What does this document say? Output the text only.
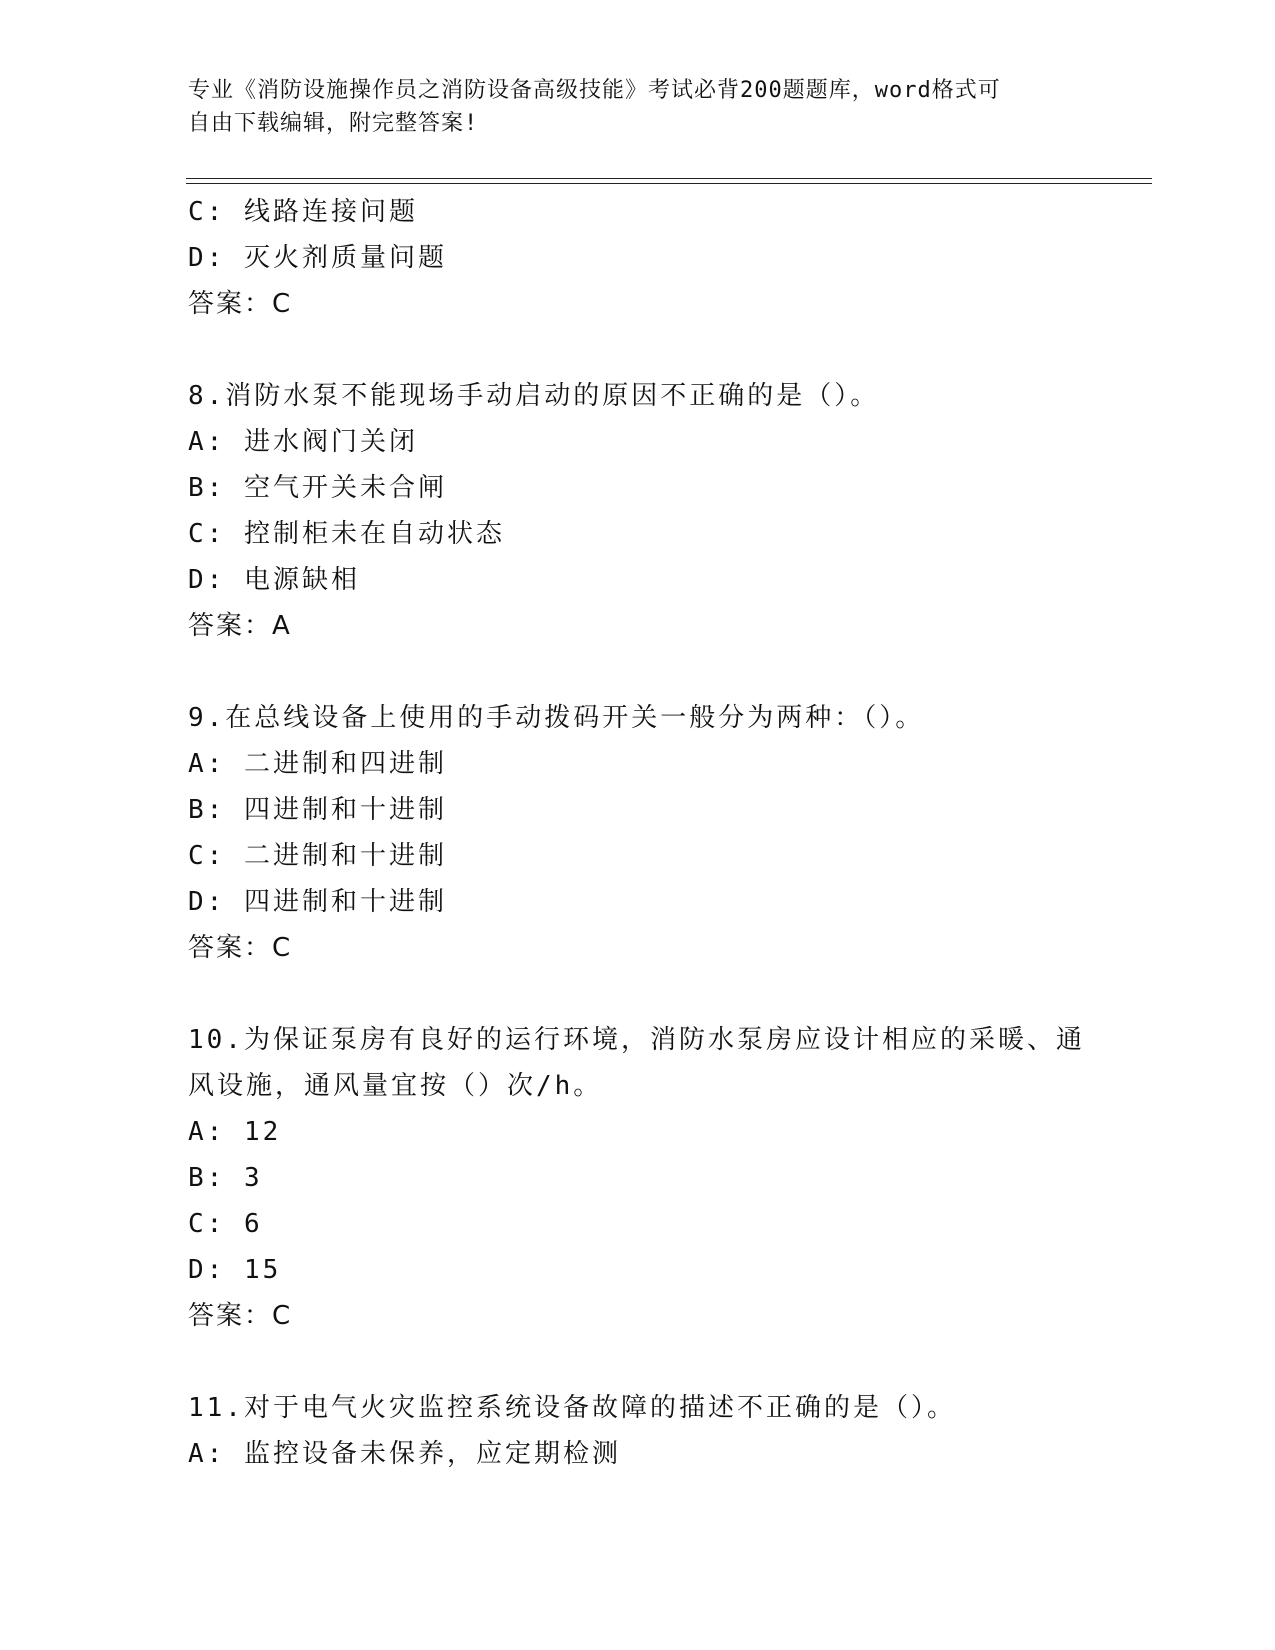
专业《消防设施操作员之消防设备高级技能》考试必背200题题库，word格式可
自由下载编辑，附完整答案!
C: 线路连接问题
D: 灭火剂质量问题
答案：C
8.消防水泵不能现场手动启动的原因不正确的是（）。
A: 进水阀门关闭
B: 空气开关未合闸
C: 控制柜未在自动状态
D: 电源缺相
答案：A
9.在总线设备上使用的手动拨码开关一般分为两种：（）。
A: 二进制和四进制
B: 四进制和十进制
C: 二进制和十进制
D: 四进制和十进制
答案：C
10.为保证泵房有良好的运行环境，消防水泵房应设计相应的采暖、通
风设施，通风量宜按（）次/h。
A: 12
B: 3
C: 6
D: 15
答案：C
11.对于电气火灾监控系统设备故障的描述不正确的是（）。
A: 监控设备未保养，应定期检测
